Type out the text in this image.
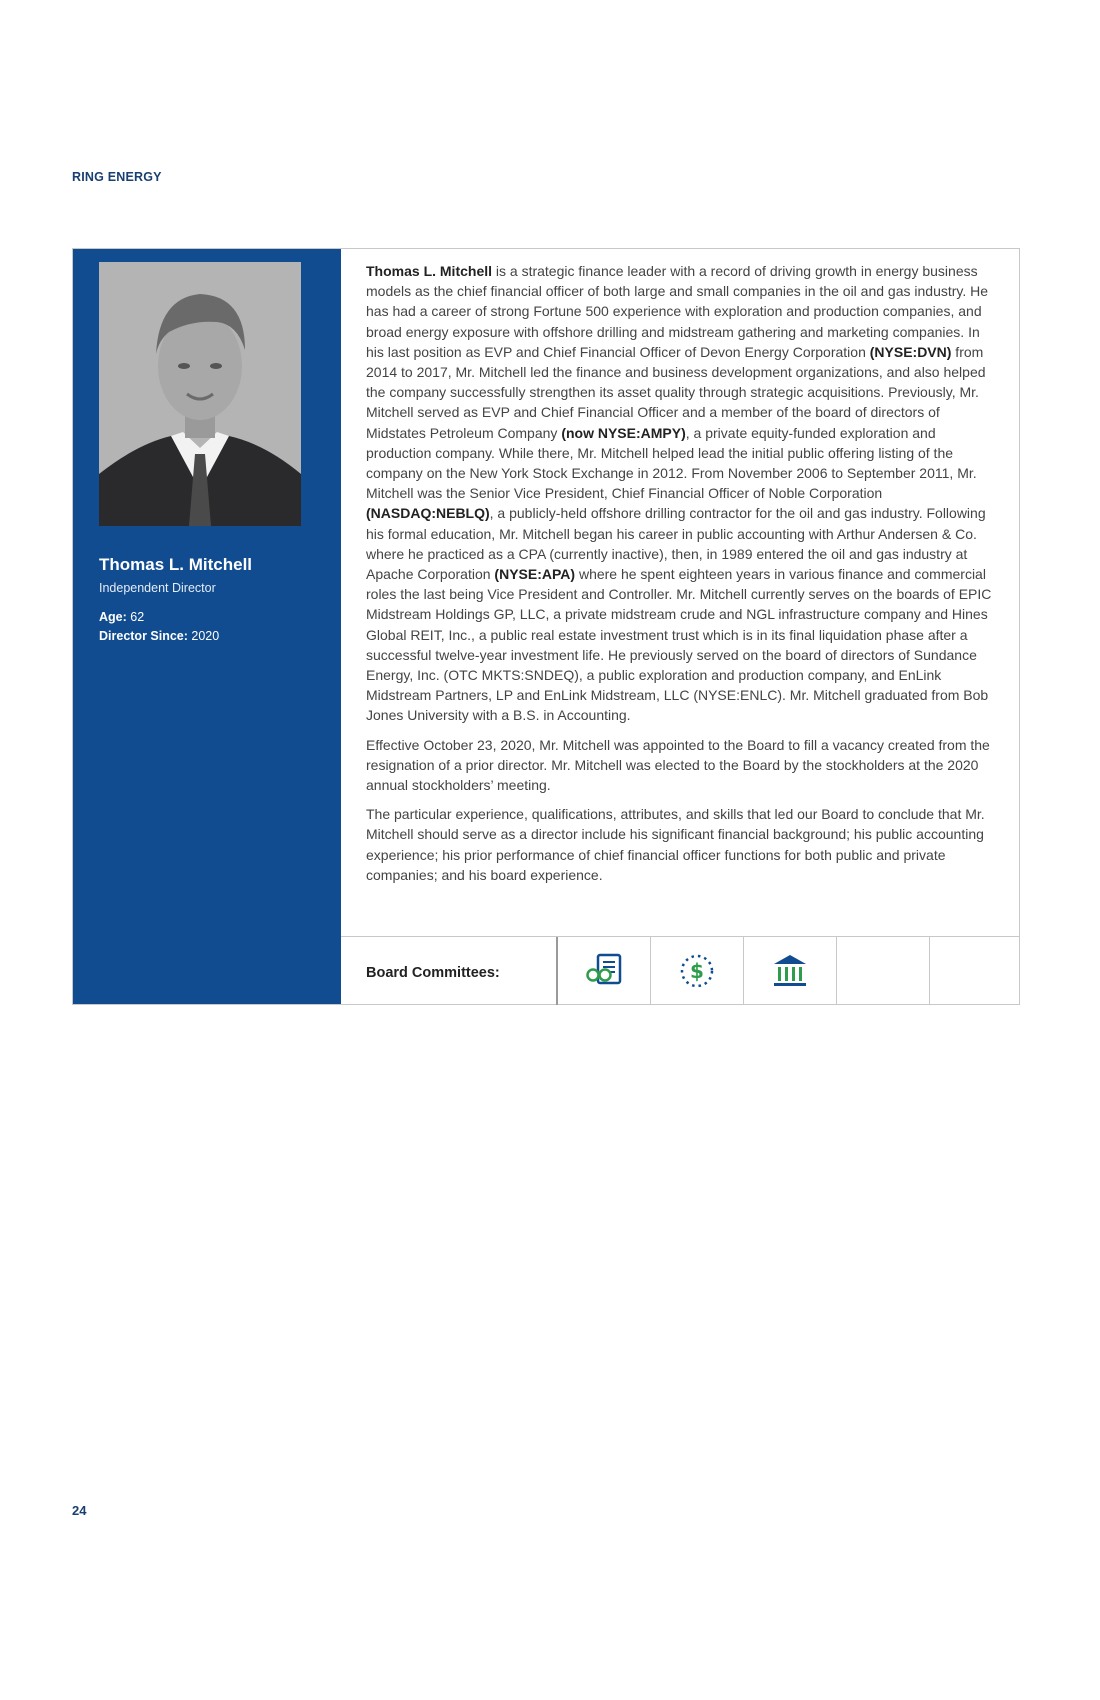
RING ENERGY
Thomas L. Mitchell
Independent Director
Age: 62
Director Since: 2020

Thomas L. Mitchell is a strategic finance leader with a record of driving growth in energy business models as the chief financial officer of both large and small companies in the oil and gas industry. He has had a career of strong Fortune 500 experience with exploration and production companies, and broad energy exposure with offshore drilling and midstream gathering and marketing companies. In his last position as EVP and Chief Financial Officer of Devon Energy Corporation (NYSE:DVN) from 2014 to 2017, Mr. Mitchell led the finance and business development organizations, and also helped the company successfully strengthen its asset quality through strategic acquisitions. Previously, Mr. Mitchell served as EVP and Chief Financial Officer and a member of the board of directors of Midstates Petroleum Company (now NYSE:AMPY), a private equity-funded exploration and production company. While there, Mr. Mitchell helped lead the initial public offering listing of the company on the New York Stock Exchange in 2012. From November 2006 to September 2011, Mr. Mitchell was the Senior Vice President, Chief Financial Officer of Noble Corporation (NASDAQ:NEBLQ), a publicly-held offshore drilling contractor for the oil and gas industry. Following his formal education, Mr. Mitchell began his career in public accounting with Arthur Andersen & Co. where he practiced as a CPA (currently inactive), then, in 1989 entered the oil and gas industry at Apache Corporation (NYSE:APA) where he spent eighteen years in various finance and commercial roles the last being Vice President and Controller. Mr. Mitchell currently serves on the boards of EPIC Midstream Holdings GP, LLC, a private midstream crude and NGL infrastructure company and Hines Global REIT, Inc., a public real estate investment trust which is in its final liquidation phase after a successful twelve-year investment life. He previously served on the board of directors of Sundance Energy, Inc. (OTC MKTS:SNDEQ), a public exploration and production company, and EnLink Midstream Partners, LP and EnLink Midstream, LLC (NYSE:ENLC). Mr. Mitchell graduated from Bob Jones University with a B.S. in Accounting.

Effective October 23, 2020, Mr. Mitchell was appointed to the Board to fill a vacancy created from the resignation of a prior director. Mr. Mitchell was elected to the Board by the stockholders at the 2020 annual stockholders’ meeting.

The particular experience, qualifications, attributes, and skills that led our Board to conclude that Mr. Mitchell should serve as a director include his significant financial background; his public accounting experience; his prior performance of chief financial officer functions for both public and private companies; and his board experience.

Board Committees:	$
24
